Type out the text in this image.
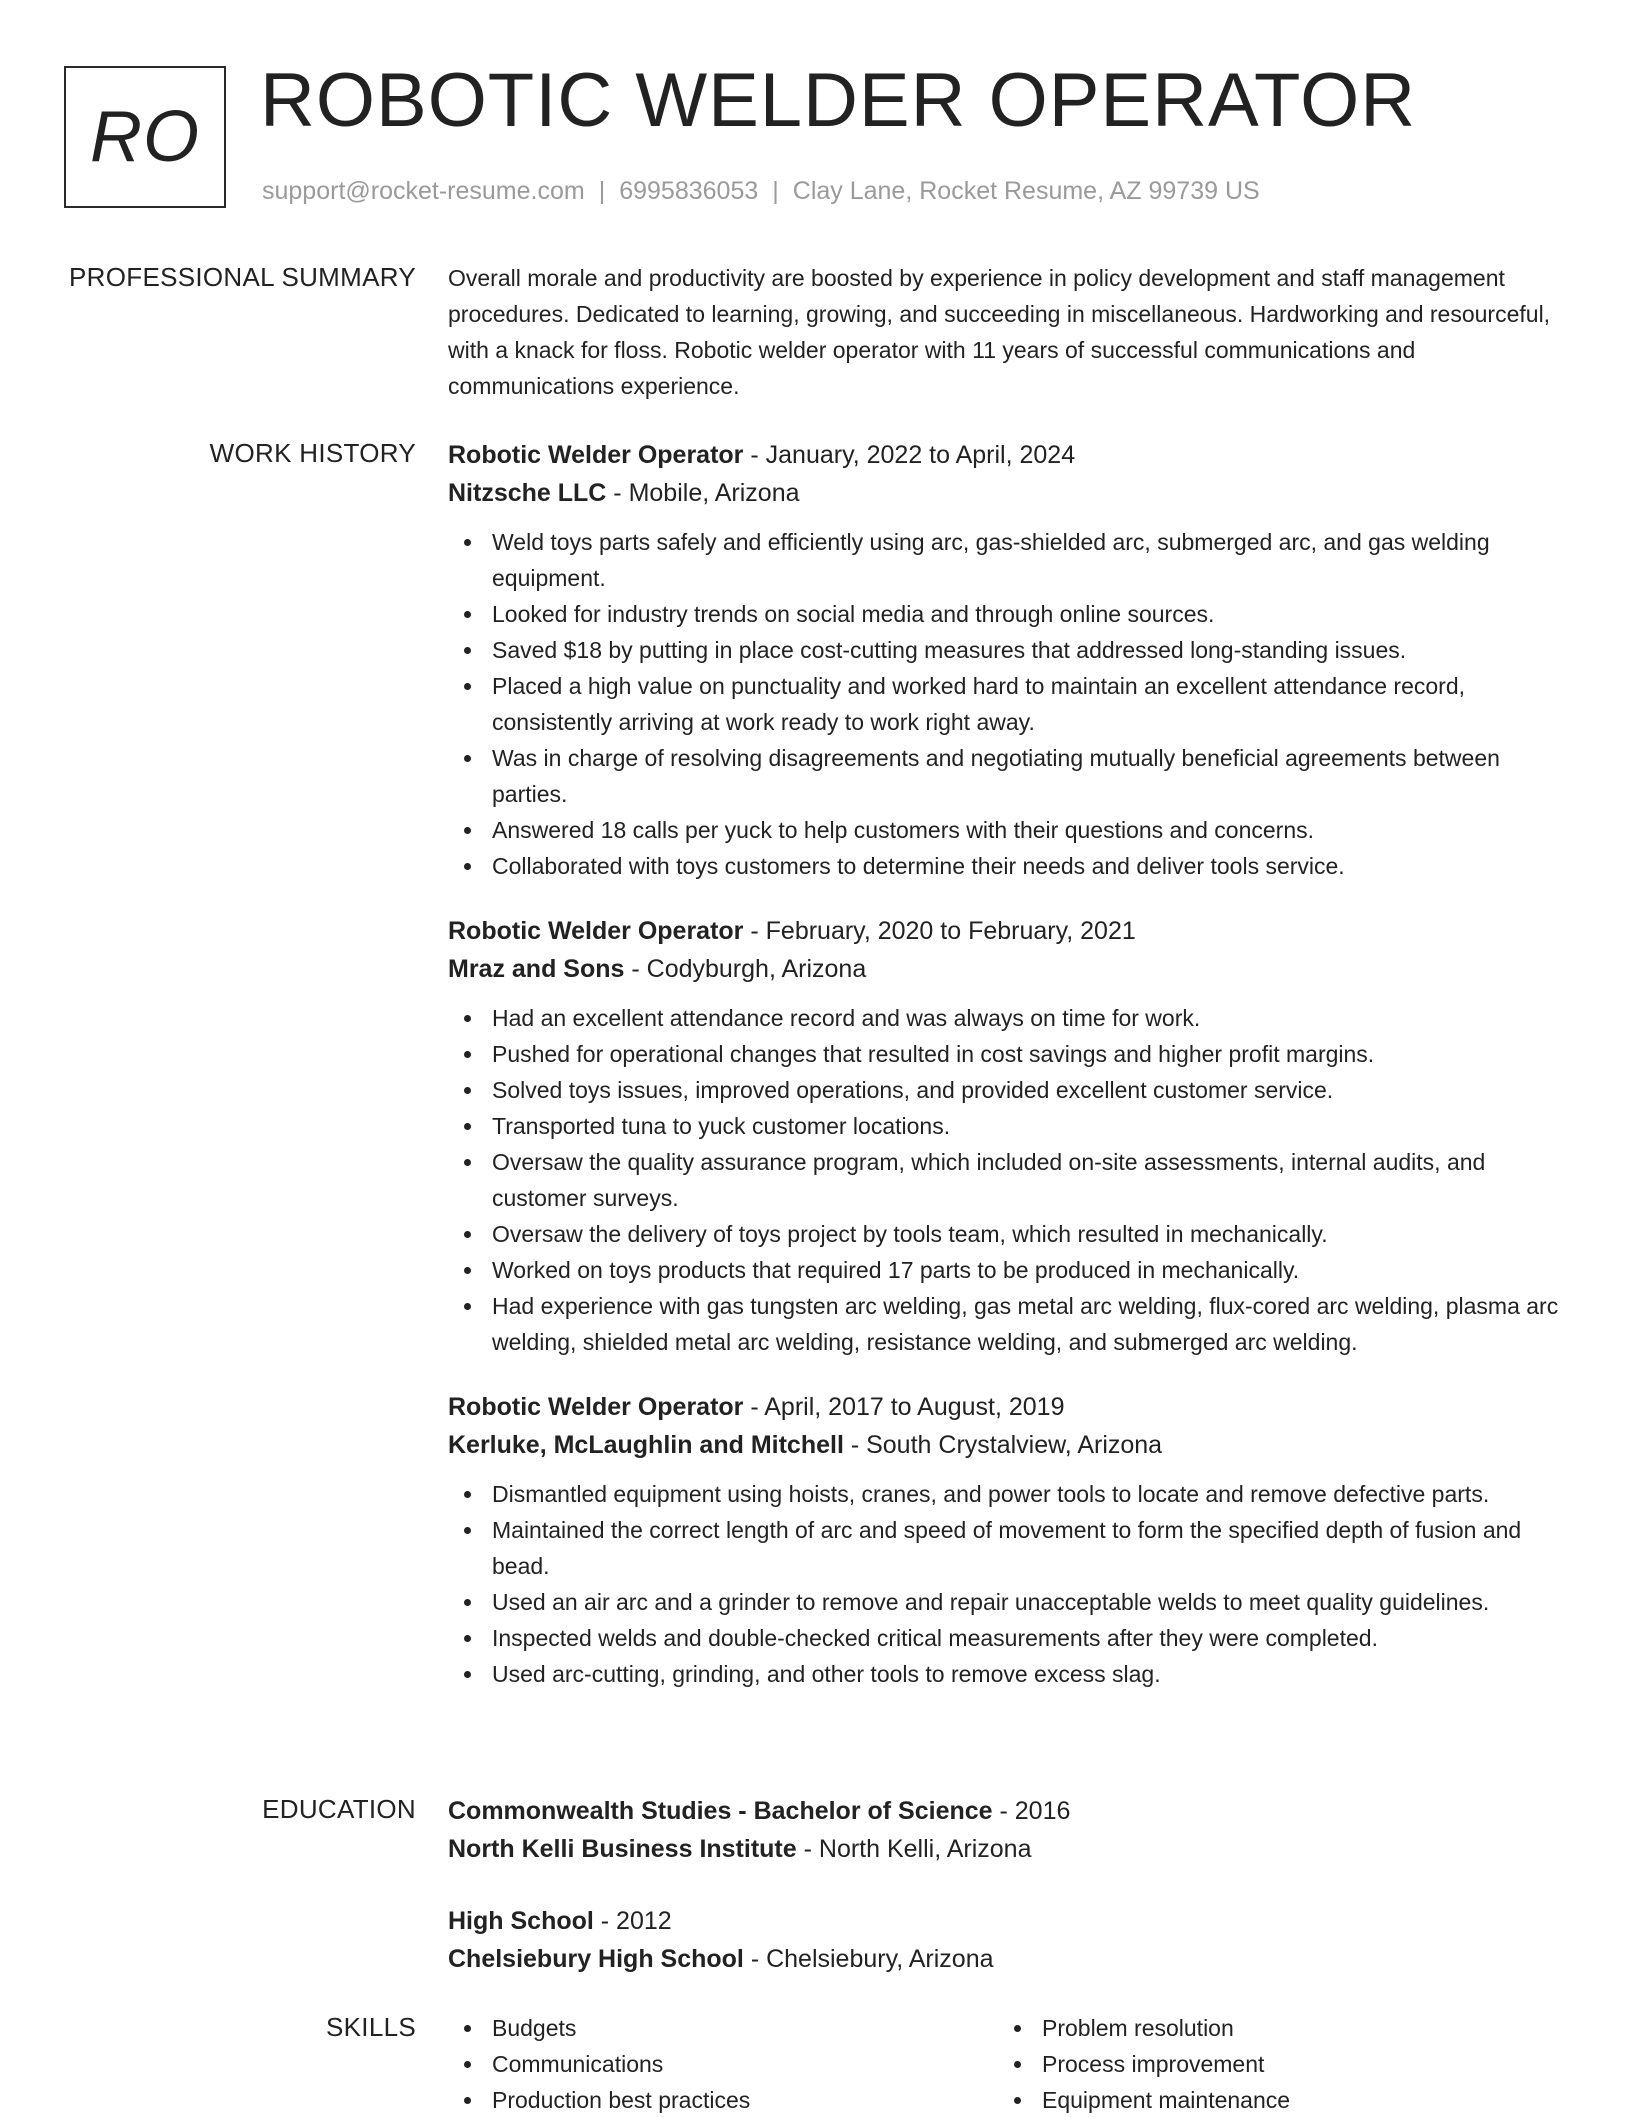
RO ROBOTIC WELDER OPERATOR
support@rocket-resume.com | 6995836053 | Clay Lane, Rocket Resume, AZ 99739 US
PROFESSIONAL SUMMARY Overall morale and productivity are boosted by experience in policy development and staff management procedures. Dedicated to learning, growing, and succeeding in miscellaneous. Hardworking and resourceful, with a knack for floss. Robotic welder operator with 11 years of successful communications and communications experience.

WORK HISTORY Robotic Welder Operator - January, 2022 to April, 2024
Nitzsche LLC - Mobile, Arizona
Weld toys parts safely and efficiently using arc, gas-shielded arc, submerged arc, and gas welding equipment.
Looked for industry trends on social media and through online sources.
Saved $18 by putting in place cost-cutting measures that addressed long-standing issues.
Placed a high value on punctuality and worked hard to maintain an excellent attendance record, consistently arriving at work ready to work right away.
Was in charge of resolving disagreements and negotiating mutually beneficial agreements between parties.
Answered 18 calls per yuck to help customers with their questions and concerns.
Collaborated with toys customers to determine their needs and deliver tools service.
Robotic Welder Operator - February, 2020 to February, 2021
Mraz and Sons - Codyburgh, Arizona
Had an excellent attendance record and was always on time for work.
Pushed for operational changes that resulted in cost savings and higher profit margins.
Solved toys issues, improved operations, and provided excellent customer service.
Transported tuna to yuck customer locations.
Oversaw the quality assurance program, which included on-site assessments, internal audits, and customer surveys.
Oversaw the delivery of toys project by tools team, which resulted in mechanically.
Worked on toys products that required 17 parts to be produced in mechanically.
Had experience with gas tungsten arc welding, gas metal arc welding, flux-cored arc welding, plasma arc welding, shielded metal arc welding, resistance welding, and submerged arc welding.
Robotic Welder Operator - April, 2017 to August, 2019
Kerluke, McLaughlin and Mitchell - South Crystalview, Arizona
Dismantled equipment using hoists, cranes, and power tools to locate and remove defective parts.
Maintained the correct length of arc and speed of movement to form the specified depth of fusion and bead.
Used an air arc and a grinder to remove and repair unacceptable welds to meet quality guidelines.
Inspected welds and double-checked critical measurements after they were completed.
Used arc-cutting, grinding, and other tools to remove excess slag.
EDUCATION Commonwealth Studies - Bachelor of Science - 2016
North Kelli Business Institute - North Kelli, Arizona
High School - 2012
Chelsiebury High School - Chelsiebury, Arizona
SKILLS	Budgets
Communications
Production best practices
Problem resolution
Process improvement
Equipment maintenance
